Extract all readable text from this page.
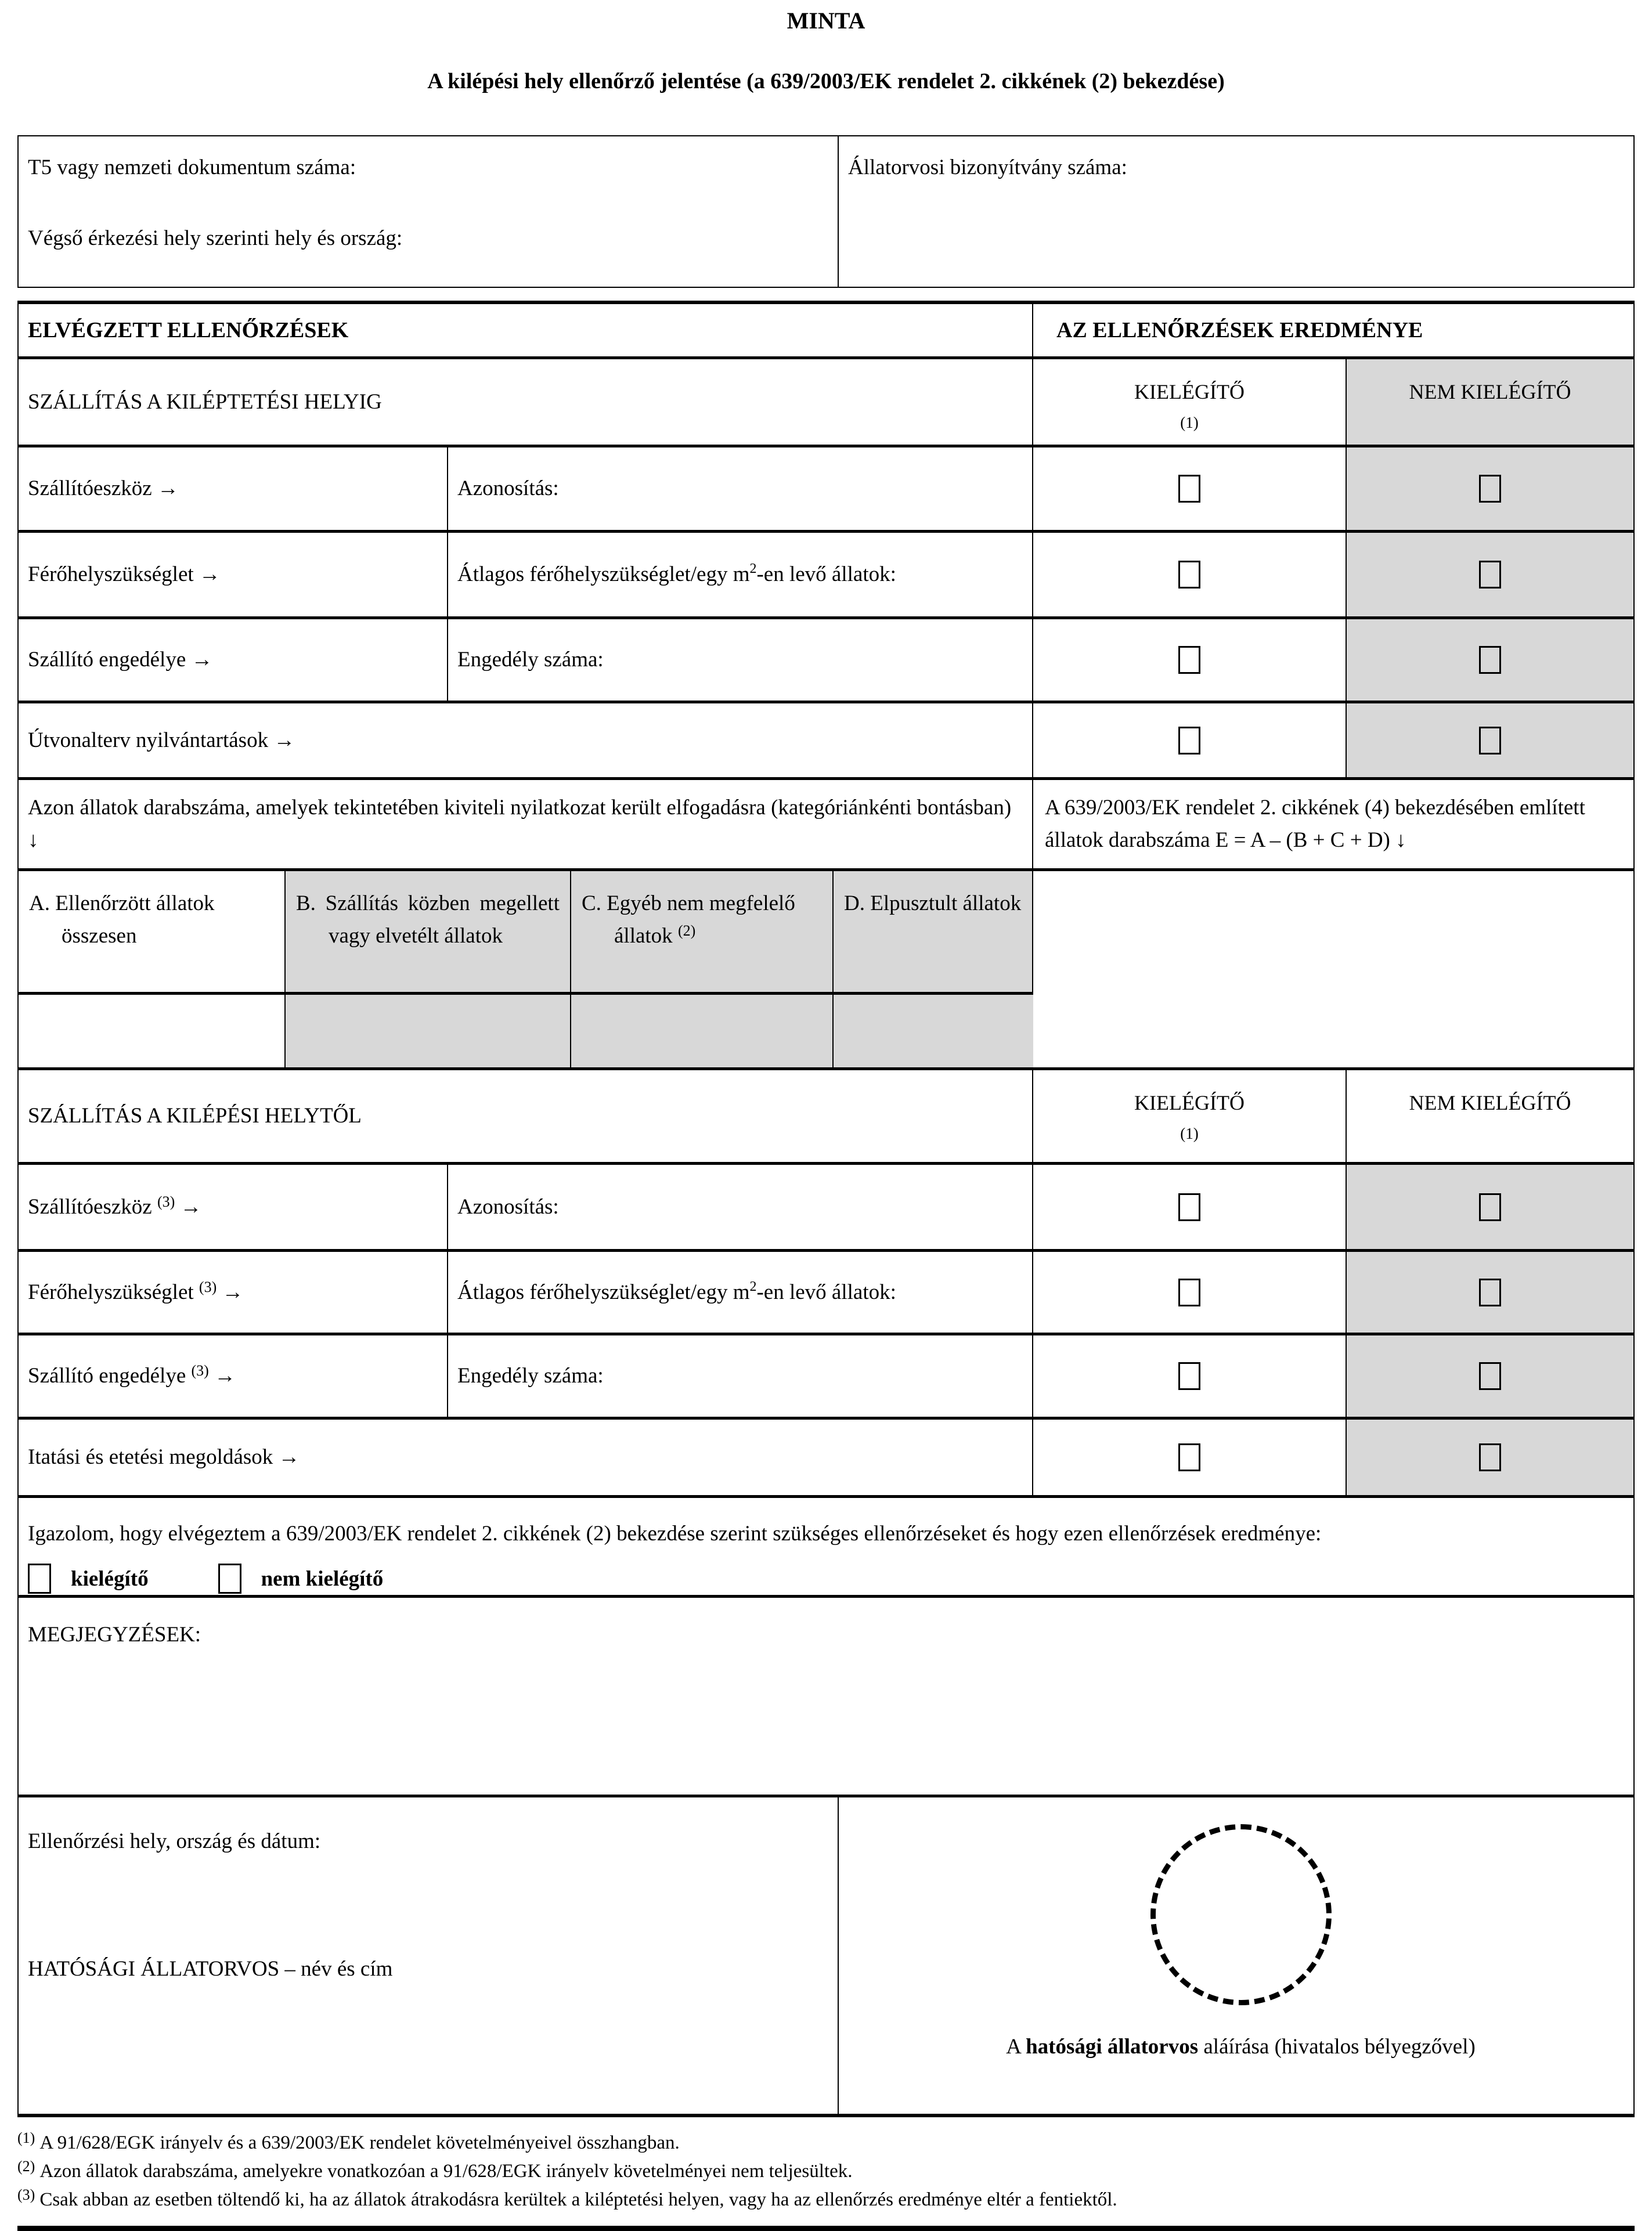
MINTA
A kilépési hely ellenőrző jelentése (a 639/2003/EK rendelet 2. cikkének (2) bekezdése)
T5 vagy nemzeti dokumentum száma:
Végső érkezési hely szerinti hely és ország:
Állatorvosi bizonyítvány száma:
ELVÉGZETT ELLENŐRZÉSEK	AZ ELLENŐRZÉSEK EREDMÉNYE
SZÁLLÍTÁS A KILÉPTETÉSI HELYIG	KIELÉGÍTŐ
(1)
NEM KIELÉGÍTŐ
Szállítóeszköz →	Azonosítás:
Férőhelyszükséglet →	Átlagos férőhelyszükséglet/egy $m^2-en$ levő állatok:
Szállító engedélye →	Engedély száma:
Útvonalterv nyilvántartások →
Azon állatok darabszáma, amelyek tekintetében kiviteli nyilatkozat került elfogadásra (kategóriánkénti bontásban) ↓
A 639/2003/EK rendelet 2. cikkének (4) bekezdésében említett állatok darabszáma E = A – (B + C + D) ↓
A. Ellenőrzött állatok összesen
B. Szállítás közben megellett vagy elvetélt állatok
C. Egyéb nem megfelelő állatok $^{(2)}$
D. Elpusztult állatok
SZÁLLÍTÁS A KILÉPÉSI HELYTŐL
KIELÉGÍTŐ
(1)
NEM KIELÉGÍTŐ
Szállítóeszköz $^{(3)}$ →	Azonosítás:
Férőhelyszükséglet $^{(3)}$ →	Átlagos férőhelyszükséglet/egy $m^2-en$ levő állatok:
Szállító engedélye $^{(3)}$ →	Engedély száma:
Itatási és etetési megoldások →
Igazolom, hogy elvégeztem a 639/2003/EK rendelet 2. cikkének (2) bekezdése szerint szükséges ellenőrzéseket és hogy ezen ellenőrzések eredménye:
kielégítő	nem kielégítő
MEGJEGYZÉSEK:
Ellenőrzési hely, ország és dátum:
HATÓSÁGI ÁLLATORVOS – név és cím
A hatósági állatorvos aláírása (hivatalos bélyegzővel)
$^{(1)}$ A 91/628/EGK irányelv és a 639/2003/EK rendelet követelményeivel összhangban.
$^{(2)}$ Azon állatok darabszáma, amelyekre vonatkozóan a 91/628/EGK irányelv követelményei nem teljesültek.
$^{(3)}$ Csak abban az esetben töltendő ki, ha az állatok átrakodásra kerültek a kiléptetési helyen, vagy ha az ellenőrzés eredménye eltér a fentiektől.
